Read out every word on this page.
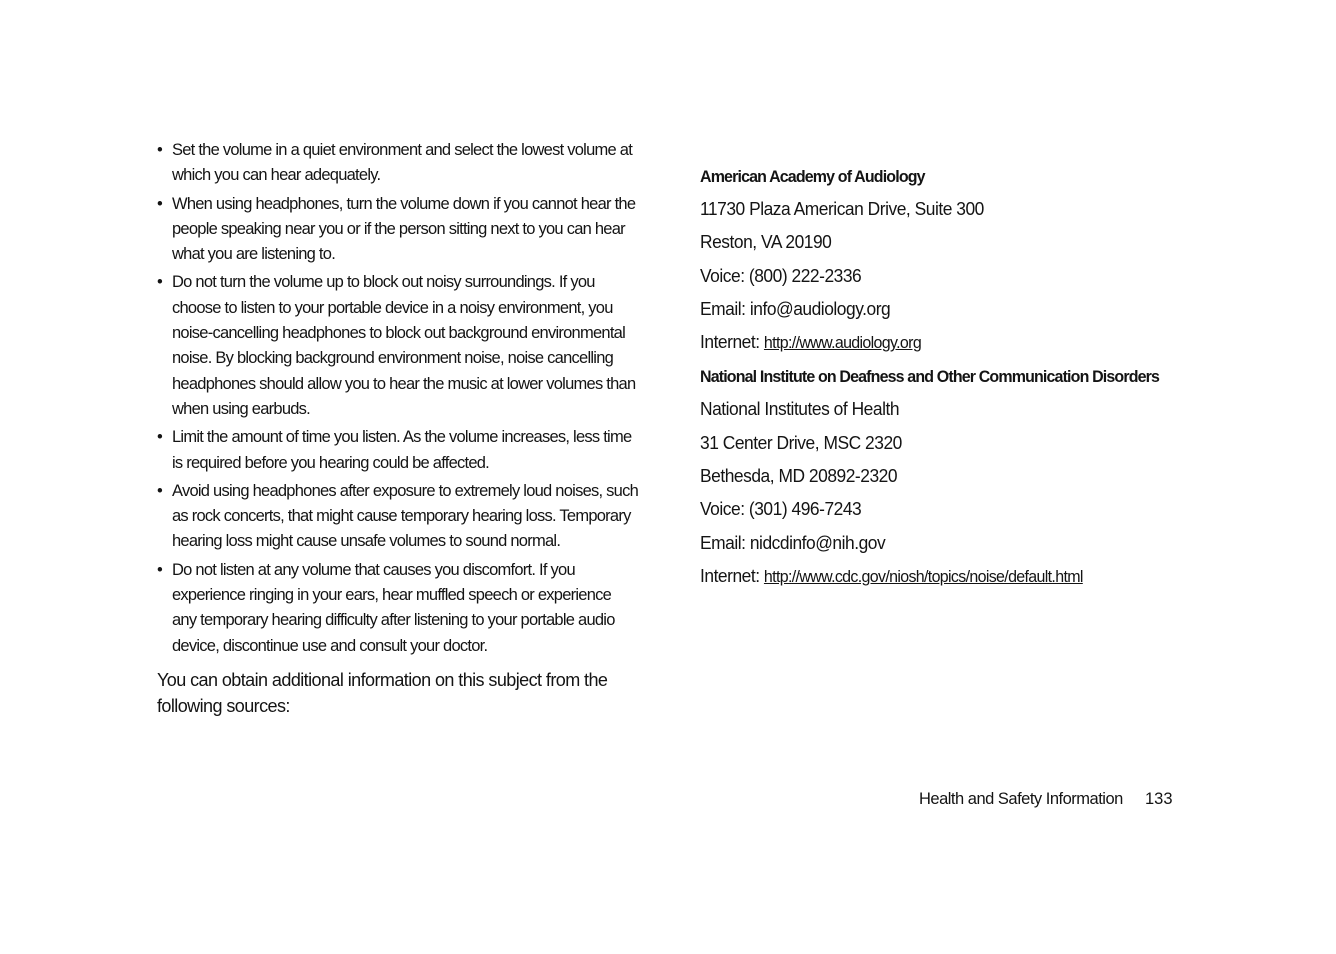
• Set the volume in a quiet environment and select the lowest volume at
which you can hear adequately.
• When using headphones, turn the volume down if you cannot hear the
people speaking near you or if the person sitting next to you can hear
what you are listening to.
• Do not turn the volume up to block out noisy surroundings. If you
choose to listen to your portable device in a noisy environment, you
noise-cancelling headphones to block out background environmental
noise. By blocking background environment noise, noise cancelling
headphones should allow you to hear the music at lower volumes than
when using earbuds.
• Limit the amount of time you listen. As the volume increases, less time
is required before you hearing could be affected.
• Avoid using headphones after exposure to extremely loud noises, such
as rock concerts, that might cause temporary hearing loss. Temporary
hearing loss might cause unsafe volumes to sound normal.
• Do not listen at any volume that causes you discomfort. If you
experience ringing in your ears, hear muffled speech or experience
any temporary hearing difficulty after listening to your portable audio
device, discontinue use and consult your doctor.
You can obtain additional information on this subject from the
following sources:
American Academy of Audiology
11730 Plaza American Drive, Suite 300
Reston, VA 20190
Voice: (800) 222-2336
Email: info@audiology.org
Internet: http://www.audiology.org
National Institute on Deafness and Other Communication Disorders
National Institutes of Health
31 Center Drive, MSC 2320
Bethesda, MD 20892-2320
Voice: (301) 496-7243
Email: nidcdinfo@nih.gov
Internet: http://www.cdc.gov/niosh/topics/noise/default.html
Health and Safety Information 133
